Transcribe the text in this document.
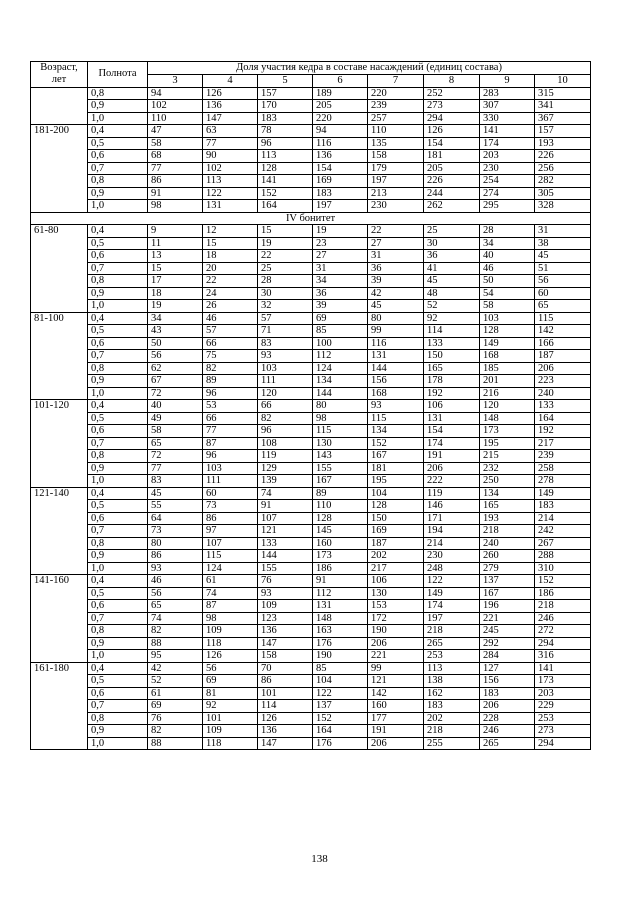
Возраст, лет	Полнота	Доля участия кедра в составе насаждений (единиц состава)							
		3	4	5	6	7	8	9	10
	0,8	94	126	157	189	220	252	283	315
	0,9	102	136	170	205	239	273	307	341
	1,0	110	147	183	220	257	294	330	367
181-200	0,4	47	63	78	94	110	126	141	157
	0,5	58	77	96	116	135	154	174	193
	0,6	68	90	113	136	158	181	203	226
	0,7	77	102	128	154	179	205	230	256
	0,8	86	113	141	169	197	226	254	282
	0,9	91	122	152	183	213	244	274	305
	1,0	98	131	164	197	230	262	295	328
IV бонитет									
61-80	0,4	9	12	15	19	22	25	28	31
	0,5	11	15	19	23	27	30	34	38
	0,6	13	18	22	27	31	36	40	45
	0,7	15	20	25	31	36	41	46	51
	0,8	17	22	28	34	39	45	50	56
	0,9	18	24	30	36	42	48	54	60
	1,0	19	26	32	39	45	52	58	65
81-100	0,4	34	46	57	69	80	92	103	115
	0,5	43	57	71	85	99	114	128	142
	0,6	50	66	83	100	116	133	149	166
	0,7	56	75	93	112	131	150	168	187
	0,8	62	82	103	124	144	165	185	206
	0,9	67	89	111	134	156	178	201	223
	1,0	72	96	120	144	168	192	216	240
101-120	0,4	40	53	66	80	93	106	120	133
	0,5	49	66	82	98	115	131	148	164
	0,6	58	77	96	115	134	154	173	192
	0,7	65	87	108	130	152	174	195	217
	0,8	72	96	119	143	167	191	215	239
	0,9	77	103	129	155	181	206	232	258
	1,0	83	111	139	167	195	222	250	278
121-140	0,4	45	60	74	89	104	119	134	149
	0,5	55	73	91	110	128	146	165	183
	0,6	64	86	107	128	150	171	193	214
	0,7	73	97	121	145	169	194	218	242
	0,8	80	107	133	160	187	214	240	267
	0,9	86	115	144	173	202	230	260	288
	1,0	93	124	155	186	217	248	279	310
141-160	0,4	46	61	76	91	106	122	137	152
	0,5	56	74	93	112	130	149	167	186
	0,6	65	87	109	131	153	174	196	218
	0,7	74	98	123	148	172	197	221	246
	0,8	82	109	136	163	190	218	245	272
	0,9	88	118	147	176	206	265	292	294
	1,0	95	126	158	190	221	253	284	316
161-180	0,4	42	56	70	85	99	113	127	141
	0,5	52	69	86	104	121	138	156	173
	0,6	61	81	101	122	142	162	183	203
	0,7	69	92	114	137	160	183	206	229
	0,8	76	101	126	152	177	202	228	253
	0,9	82	109	136	164	191	218	246	273
	1,0	88	118	147	176	206	255	265	294
138
